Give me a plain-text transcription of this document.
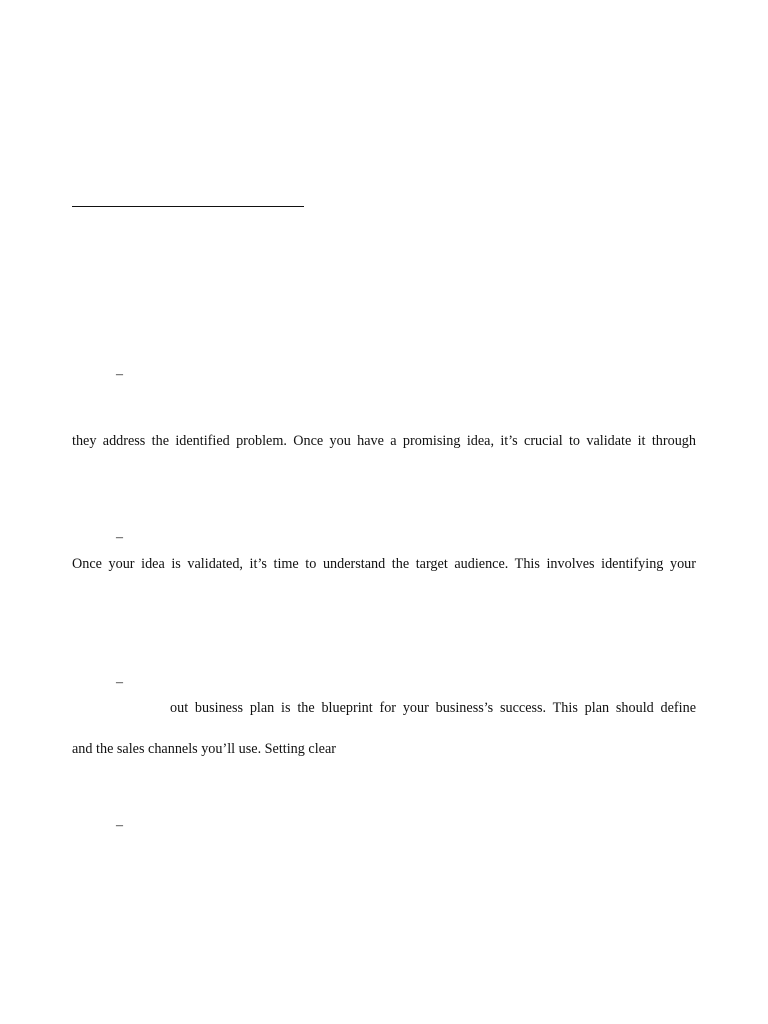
–
they address the identified problem. Once you have a promising idea, it’s crucial to validate it through
–
Once your idea is validated, it’s time to understand the target audience. This involves identifying your
–
out business plan is the blueprint for your business’s success. This plan should define
and the sales channels you’ll use. Setting clear
–
